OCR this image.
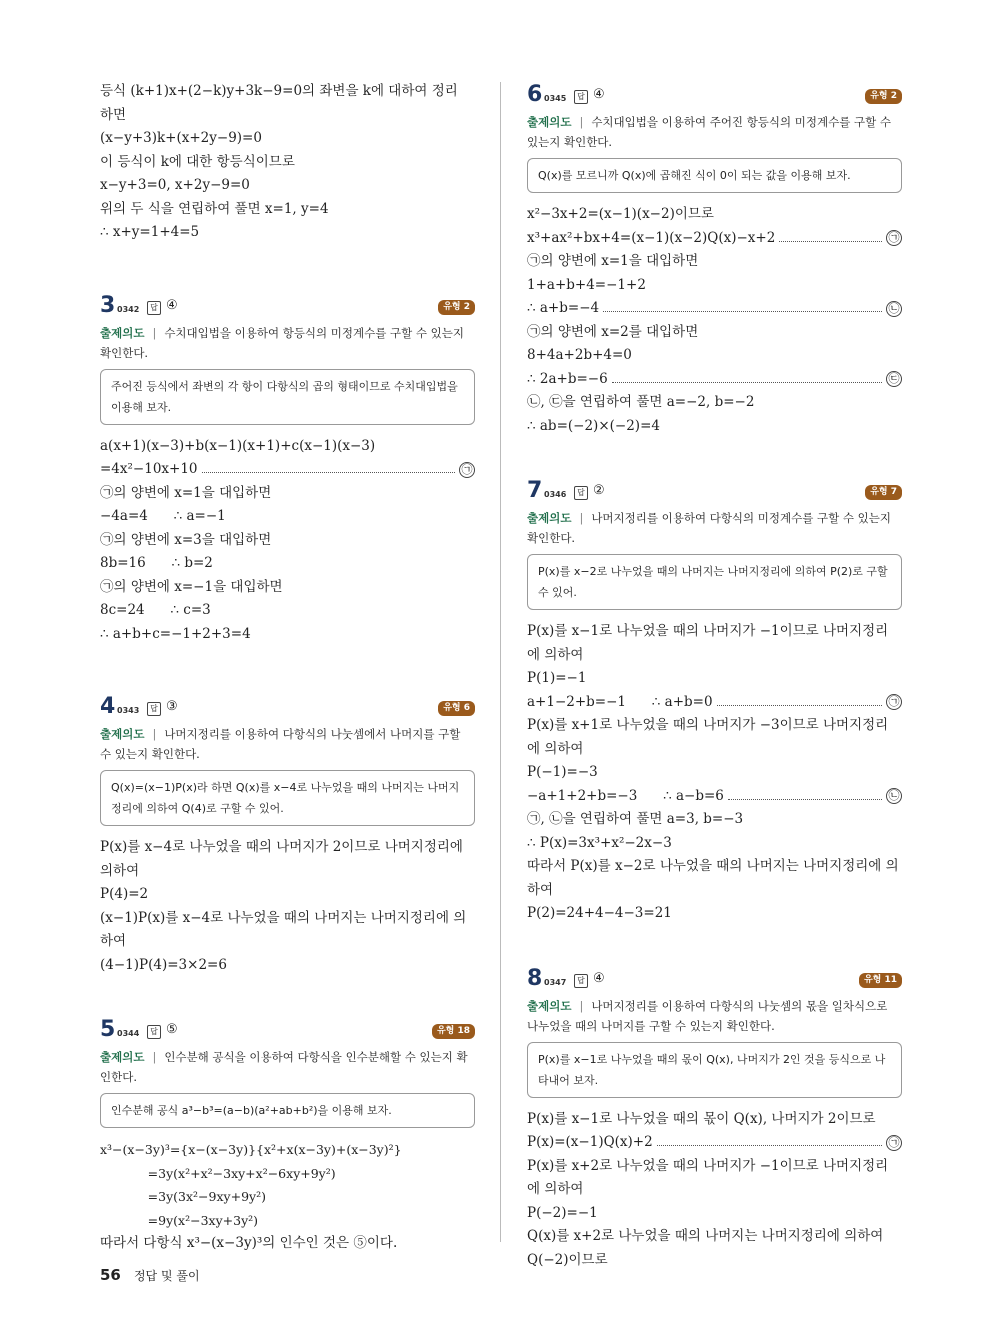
등식 (k+1)x+(2−k)y+3k−9=0의 좌변을 k에 대하여 정리
하면
(x−y+3)k+(x+2y−9)=0
이 등식이 k에 대한 항등식이므로
x−y+3=0, x+2y−9=0
위의 두 식을 연립하여 풀면 x=1, y=4
∴ x+y=1+4=5
3 0342	답 ④	유형 2
출제의도 | 수치대입법을 이용하여 항등식의 미정계수를 구할 수 있는지 확인한다.
주어진 등식에서 좌변의 각 항이 다항식의 곱의 형태이므로 수치대입법을 이용해 보자.
a(x+1)(x−3)+b(x−1)(x+1)+c(x−1)(x−3)
=4x²−10x+10	㉠
㉠의 양변에 x=1을 대입하면
−4a=4      ∴ a=−1
㉠의 양변에 x=3을 대입하면
8b=16      ∴ b=2
㉠의 양변에 x=−1을 대입하면
8c=24      ∴ c=3
∴ a+b+c=−1+2+3=4
4 0343	답 ③	유형 6
출제의도 | 나머지정리를 이용하여 다항식의 나눗셈에서 나머지를 구할 수 있는지 확인한다.
Q(x)=(x−1)P(x)라 하면 Q(x)를 x−4로 나누었을 때의 나머지는 나머지정리에 의하여 Q(4)로 구할 수 있어.
P(x)를 x−4로 나누었을 때의 나머지가 2이므로 나머지정리에
의하여
P(4)=2
(x−1)P(x)를 x−4로 나누었을 때의 나머지는 나머지정리에 의
하여
(4−1)P(4)=3×2=6
5 0344	답 ⑤	유형 18
출제의도 | 인수분해 공식을 이용하여 다항식을 인수분해할 수 있는지 확인한다.
인수분해 공식 a³−b³=(a−b)(a²+ab+b²)을 이용해 보자.
x³−(x−3y)³={x−(x−3y)}{x²+x(x−3y)+(x−3y)²}
=3y(x²+x²−3xy+x²−6xy+9y²)
=3y(3x²−9xy+9y²)
=9y(x²−3xy+3y²)
따라서 다항식 x³−(x−3y)³의 인수인 것은 ⑤이다.
6 0345	답 ④	유형 2
출제의도 | 수치대입법을 이용하여 주어진 항등식의 미정계수를 구할 수 있는지 확인한다.
Q(x)를 모르니까 Q(x)에 곱해진 식이 0이 되는 값을 이용해 보자.
x²−3x+2=(x−1)(x−2)이므로
x³+ax²+bx+4=(x−1)(x−2)Q(x)−x+2	㉠
㉠의 양변에 x=1을 대입하면
1+a+b+4=−1+2
∴ a+b=−4	㉡
㉠의 양변에 x=2를 대입하면
8+4a+2b+4=0
∴ 2a+b=−6	㉢
㉡, ㉢을 연립하여 풀면 a=−2, b=−2
∴ ab=(−2)×(−2)=4
7 0346	답 ②	유형 7
출제의도 | 나머지정리를 이용하여 다항식의 미정계수를 구할 수 있는지 확인한다.
P(x)를 x−2로 나누었을 때의 나머지는 나머지정리에 의하여 P(2)로 구할 수 있어.
P(x)를 x−1로 나누었을 때의 나머지가 −1이므로 나머지정리
에 의하여
P(1)=−1
a+1−2+b=−1      ∴ a+b=0	㉠
P(x)를 x+1로 나누었을 때의 나머지가 −3이므로 나머지정리
에 의하여
P(−1)=−3
−a+1+2+b=−3      ∴ a−b=6	㉡
㉠, ㉡을 연립하여 풀면 a=3, b=−3
∴ P(x)=3x³+x²−2x−3
따라서 P(x)를 x−2로 나누었을 때의 나머지는 나머지정리에 의
하여
P(2)=24+4−4−3=21
8 0347	답 ④	유형 11
출제의도 | 나머지정리를 이용하여 다항식의 나눗셈의 몫을 일차식으로 나누었을 때의 나머지를 구할 수 있는지 확인한다.
P(x)를 x−1로 나누었을 때의 몫이 Q(x), 나머지가 2인 것을 등식으로 나타내어 보자.
P(x)를 x−1로 나누었을 때의 몫이 Q(x), 나머지가 2이므로
P(x)=(x−1)Q(x)+2	㉠
P(x)를 x+2로 나누었을 때의 나머지가 −1이므로 나머지정리
에 의하여
P(−2)=−1
Q(x)를 x+2로 나누었을 때의 나머지는 나머지정리에 의하여
Q(−2)이므로
56 정답 및 풀이
